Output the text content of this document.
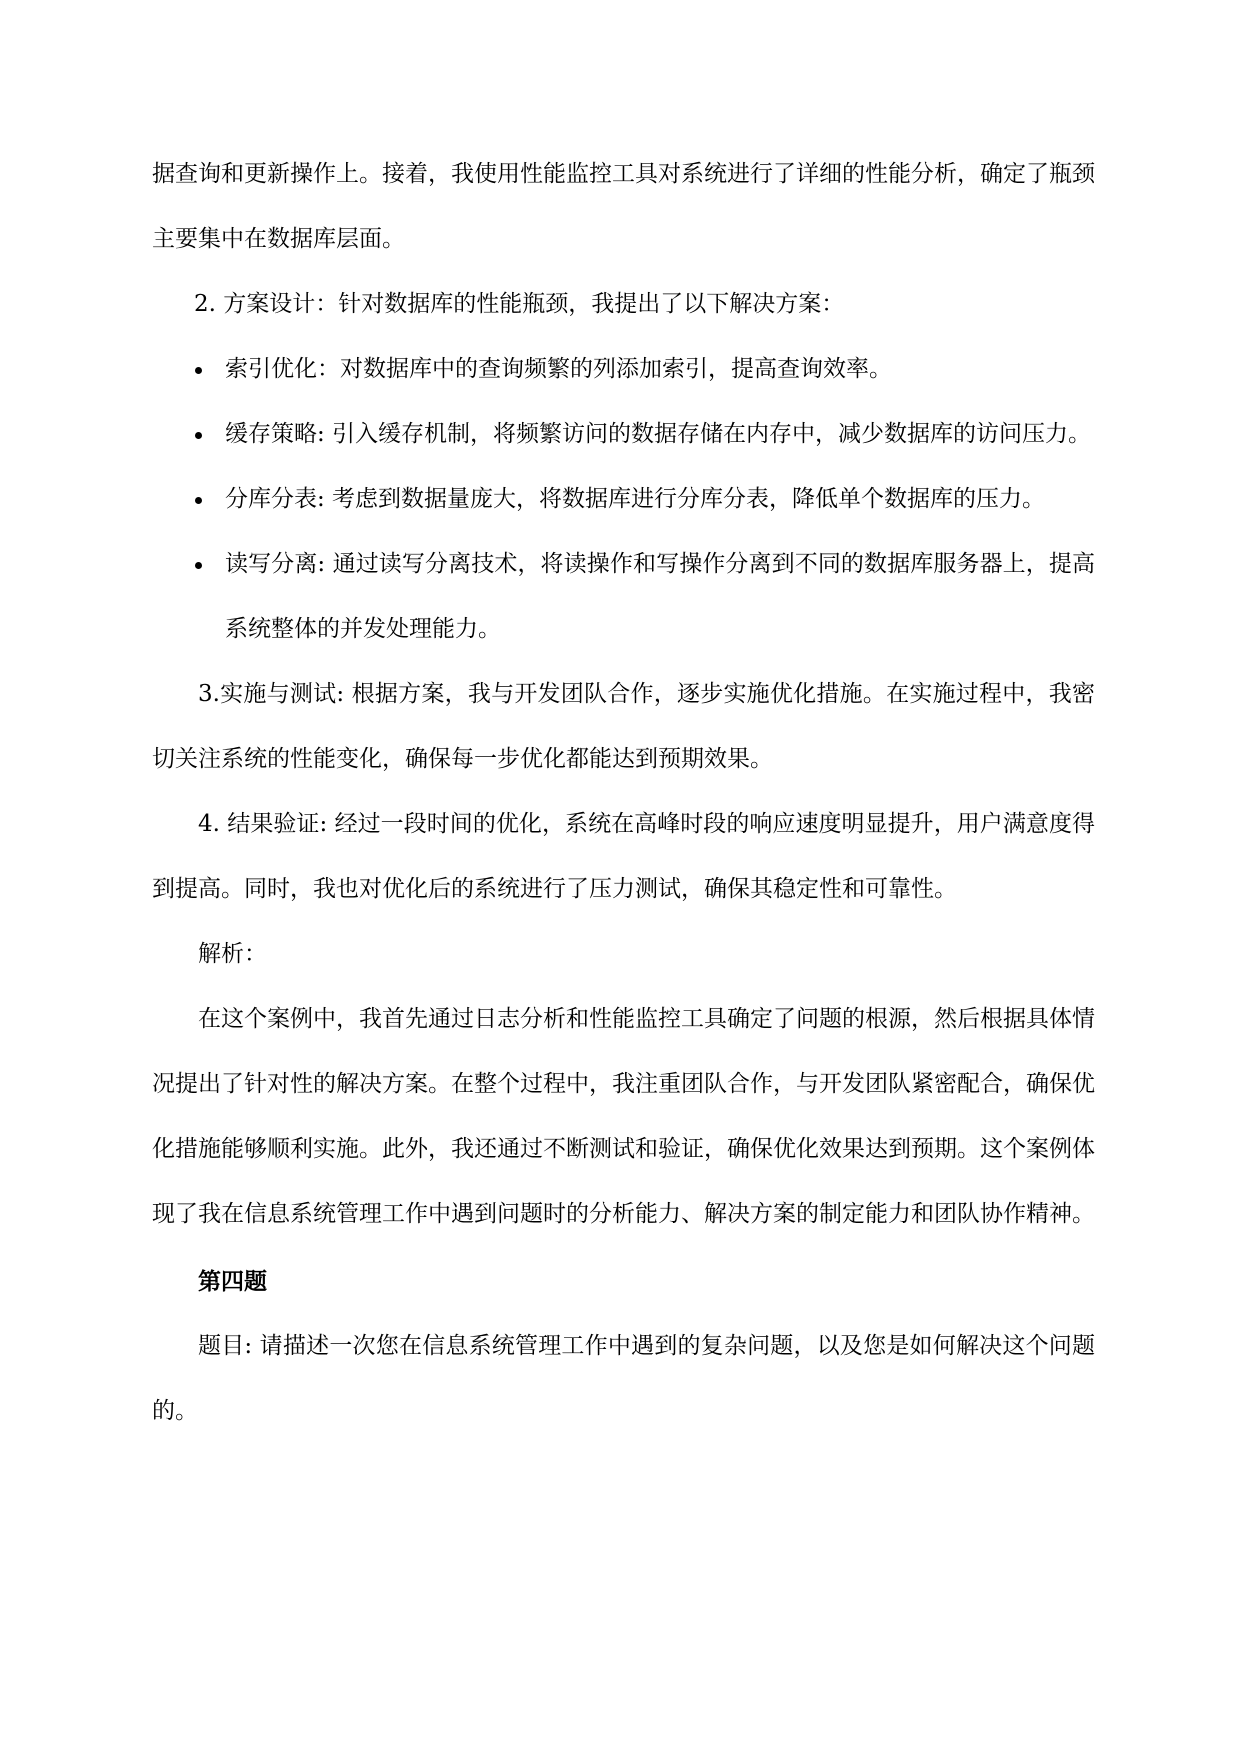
据查询和更新操作上。接着，我使用性能监控工具对系统进行了详细的性能分析，确定了瓶颈主要集中在数据库层面。

2. 方案设计：针对数据库的性能瓶颈，我提出了以下解决方案：

索引优化：对数据库中的查询频繁的列添加索引，提高查询效率。
缓存策略: 引入缓存机制，将频繁访问的数据存储在内存中，减少数据库的访问压力。
分库分表: 考虑到数据量庞大，将数据库进行分库分表，降低单个数据库的压力。
读写分离: 通过读写分离技术，将读操作和写操作分离到不同的数据库服务器上，提高系统整体的并发处理能力。

3.实施与测试: 根据方案，我与开发团队合作，逐步实施优化措施。在实施过程中，我密切关注系统的性能变化，确保每一步优化都能达到预期效果。

4. 结果验证: 经过一段时间的优化，系统在高峰时段的响应速度明显提升，用户满意度得到提高。同时，我也对优化后的系统进行了压力测试，确保其稳定性和可靠性。

解析：

在这个案例中，我首先通过日志分析和性能监控工具确定了问题的根源，然后根据具体情况提出了针对性的解决方案。在整个过程中，我注重团队合作，与开发团队紧密配合，确保优化措施能够顺利实施。此外，我还通过不断测试和验证，确保优化效果达到预期。这个案例体现了我在信息系统管理工作中遇到问题时的分析能力、解决方案的制定能力和团队协作精神。

第四题

题目: 请描述一次您在信息系统管理工作中遇到的复杂问题，以及您是如何解决这个问题的。
